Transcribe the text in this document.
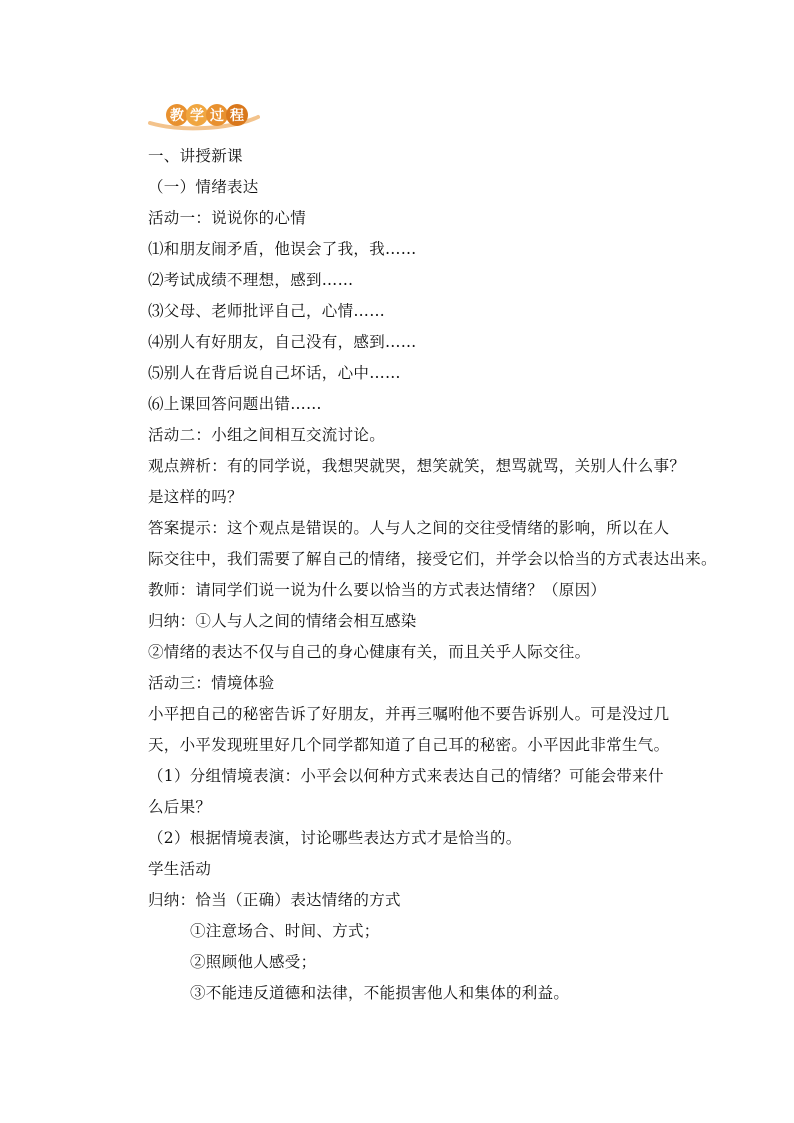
教 学 过 程
一、讲授新课
（一）情绪表达
活动一：说说你的心情
⑴和朋友闹矛盾，他误会了我，我……
⑵考试成绩不理想，感到……
⑶父母、老师批评自己，心情……
⑷别人有好朋友，自己没有，感到……
⑸别人在背后说自己坏话，心中……
⑹上课回答问题出错……
活动二：小组之间相互交流讨论。
观点辨析：有的同学说，我想哭就哭，想笑就笑，想骂就骂，关别人什么事？
是这样的吗？
答案提示：这个观点是错误的。人与人之间的交往受情绪的影响，所以在人
际交往中，我们需要了解自己的情绪，接受它们，并学会以恰当的方式表达出来。
教师：请同学们说一说为什么要以恰当的方式表达情绪？（原因）
归纳：①人与人之间的情绪会相互感染
②情绪的表达不仅与自己的身心健康有关，而且关乎人际交往。
活动三：情境体验
小平把自己的秘密告诉了好朋友，并再三嘱咐他不要告诉别人。可是没过几
天，小平发现班里好几个同学都知道了自己耳的秘密。小平因此非常生气。
（1）分组情境表演：小平会以何种方式来表达自己的情绪？可能会带来什
么后果？
（2）根据情境表演，讨论哪些表达方式才是恰当的。
学生活动
归纳：恰当（正确）表达情绪的方式
①注意场合、时间、方式；
②照顾他人感受；
③不能违反道德和法律，不能损害他人和集体的利益。
